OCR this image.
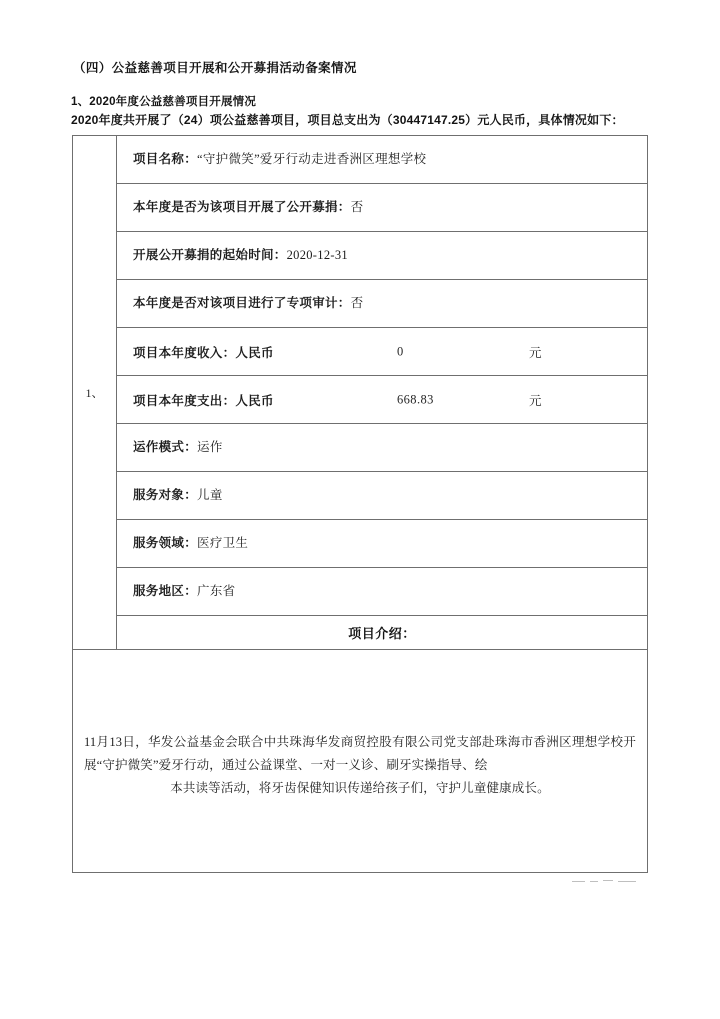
（四）公益慈善项目开展和公开募捐活动备案情况
1、2020年度公益慈善项目开展情况
2020年度共开展了（24）项公益慈善项目，项目总支出为（30447147.25）元人民币，具体情况如下：
1、	项目名称：“守护微笑”爱牙行动走进香洲区理想学校
本年度是否为该项目开展了公开募捐：否
开展公开募捐的起始时间：2020-12-31
本年度是否对该项目进行了专项审计：否

项目本年度收入：人民币	0	元

项目本年度支出：人民币	668.83	元

运作模式：运作
服务对象：儿童
服务领域：医疗卫生
服务地区：广东省
项目介绍：

11月13日，华发公益基金会联合中共珠海华发商贸控股有限公司党支部赴珠海市香洲区理想学校开展“守护微笑”爱牙行动，通过公益课堂、一对一义诊、刷牙实操指导、绘
本共读等活动，将牙齿保健知识传递给孩子们，守护儿童健康成长。
